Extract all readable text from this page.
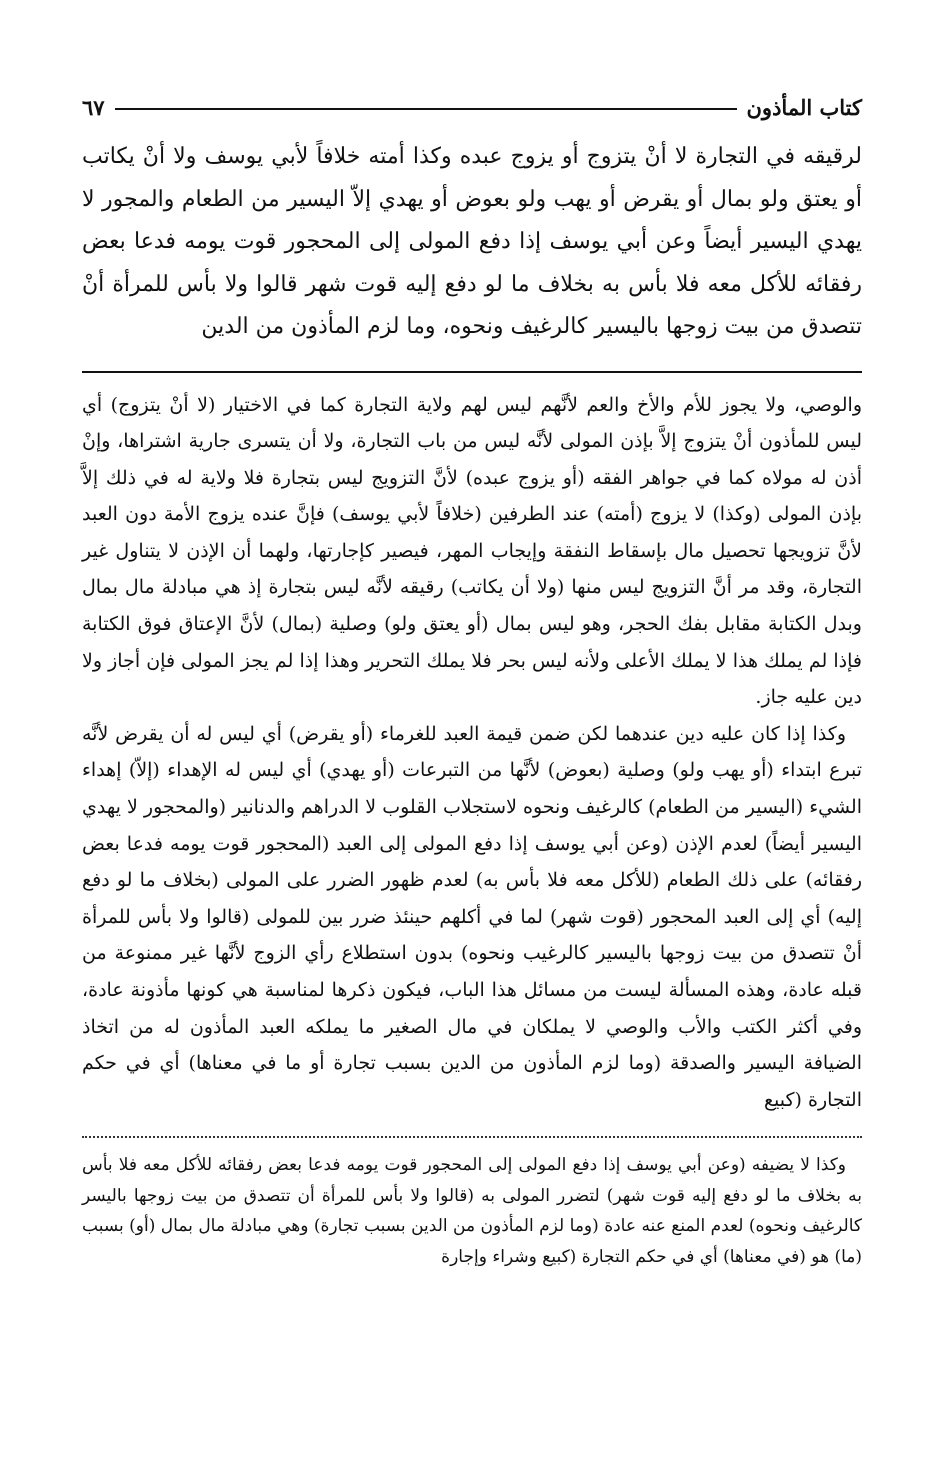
كتاب المأذون
٦٧
لرقيقه في التجارة لا أنْ يتزوج أو يزوج عبده وكذا أمته خلافاً لأبي يوسف ولا أنْ يكاتب أو يعتق ولو بمال أو يقرض أو يهب ولو بعوض أو يهدي إلاّ اليسير من الطعام والمجور لا يهدي اليسير أيضاً وعن أبي يوسف إذا دفع المولى إلى المحجور قوت يومه فدعا بعض رفقائه للأكل معه فلا بأس به بخلاف ما لو دفع إليه قوت شهر قالوا ولا بأس للمرأة أنْ تتصدق من بيت زوجها باليسير كالرغيف ونحوه، وما لزم المأذون من الدين

والوصي، ولا يجوز للأم والأخ والعم لأنَّهم ليس لهم ولاية التجارة كما في الاختيار (لا أنْ يتزوج) أي ليس للمأذون أنْ يتزوج إلاَّ بإذن المولى لأنَّه ليس من باب التجارة، ولا أن يتسرى جارية اشتراها، وإنْ أذن له مولاه كما في جواهر الفقه (أو يزوج عبده) لأنَّ التزويج ليس بتجارة فلا ولاية له في ذلك إلاَّ بإذن المولى (وكذا) لا يزوج (أمته) عند الطرفين (خلافاً لأبي يوسف) فإنَّ عنده يزوج الأمة دون العبد لأنَّ تزويجها تحصيل مال بإسقاط النفقة وإيجاب المهر، فيصير كإجارتها، ولهما أن الإذن لا يتناول غير التجارة، وقد مر أنَّ التزويج ليس منها (ولا أن يكاتب) رقيقه لأنَّه ليس بتجارة إذ هي مبادلة مال بمال وبدل الكتابة مقابل بفك الحجر، وهو ليس بمال (أو يعتق ولو) وصلية (بمال) لأنَّ الإعتاق فوق الكتابة فإذا لم يملك هذا لا يملك الأعلى ولأنه ليس بحر فلا يملك التحرير وهذا إذا لم يجز المولى فإن أجاز ولا دين عليه جاز.

وكذا إذا كان عليه دين عندهما لكن ضمن قيمة العبد للغرماء (أو يقرض) أي ليس له أن يقرض لأنَّه تبرع ابتداء (أو يهب ولو) وصلية (بعوض) لأنَّها من التبرعات (أو يهدي) أي ليس له الإهداء (إلاّ) إهداء الشيء (اليسير من الطعام) كالرغيف ونحوه لاستجلاب القلوب لا الدراهم والدنانير (والمحجور لا يهدي اليسير أيضاً) لعدم الإذن (وعن أبي يوسف إذا دفع المولى إلى العبد (المحجور قوت يومه فدعا بعض رفقائه) على ذلك الطعام (للأكل معه فلا بأس به) لعدم ظهور الضرر على المولى (بخلاف ما لو دفع إليه) أي إلى العبد المحجور (قوت شهر) لما في أكلهم حينئذ ضرر بين للمولى (قالوا ولا بأس للمرأة أنْ تتصدق من بيت زوجها باليسير كالرغيب ونحوه) بدون استطلاع رأي الزوج لأنَّها غير ممنوعة من قبله عادة، وهذه المسألة ليست من مسائل هذا الباب، فيكون ذكرها لمناسبة هي كونها مأذونة عادة، وفي أكثر الكتب والأب والوصي لا يملكان في مال الصغير ما يملكه العبد المأذون له من اتخاذ الضيافة اليسير والصدقة (وما لزم المأذون من الدين بسبب تجارة أو ما في معناها) أي في حكم التجارة (كبيع

وكذا لا يضيفه (وعن أبي يوسف إذا دفع المولى إلى المحجور قوت يومه فدعا بعض رفقائه للأكل معه فلا بأس به بخلاف ما لو دفع إليه قوت شهر) لتضرر المولى به (قالوا ولا بأس للمرأة أن تتصدق من بيت زوجها باليسر كالرغيف ونحوه) لعدم المنع عنه عادة (وما لزم المأذون من الدين بسبب تجارة) وهي مبادلة مال بمال (أو) بسبب (ما) هو (في معناها) أي في حكم التجارة (كبيع وشراء وإجارة
